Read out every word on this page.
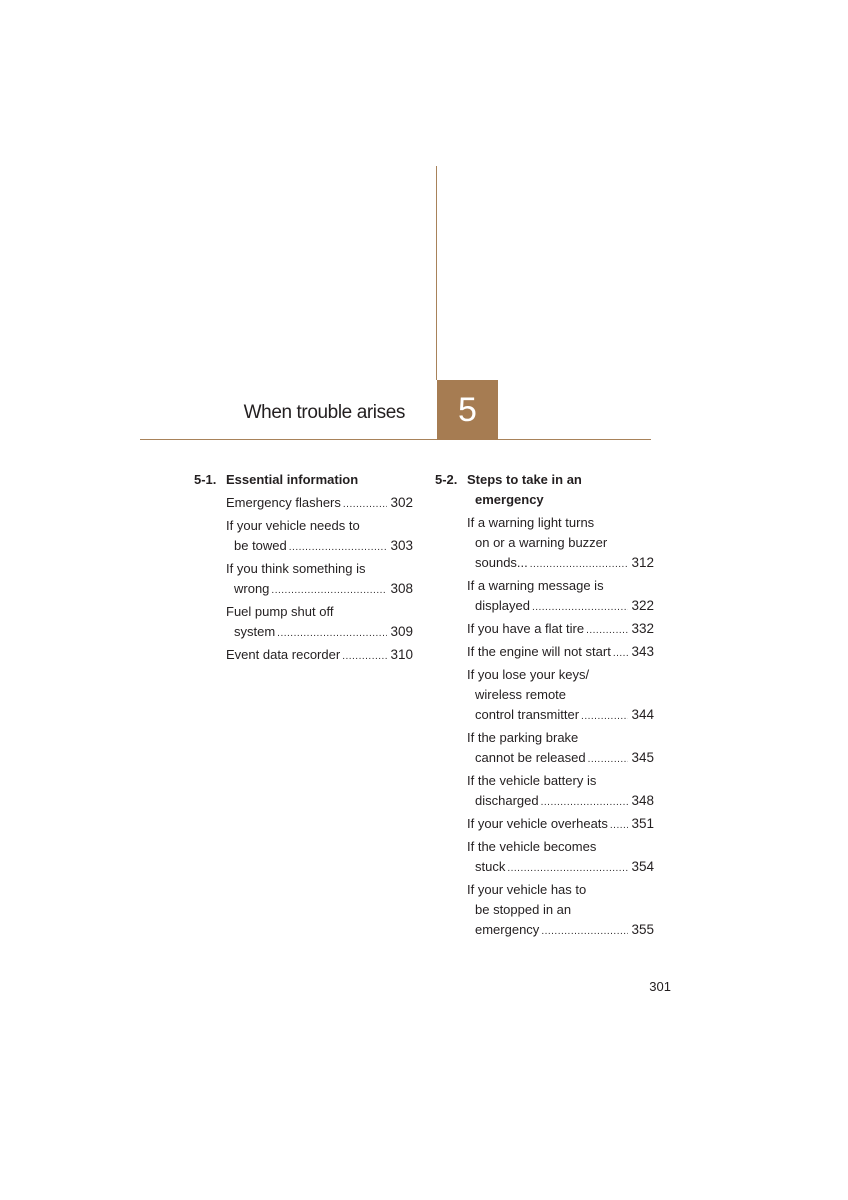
5
When trouble arises
5-1. Essential information
Emergency flashers .....	302
If your vehicle needs to
be towed .....	303
If you think something is
wrong .....	308
Fuel pump shut off
system .....	309
Event data recorder .....	310
5-2. Steps to take in an
emergency
If a warning light turns
on or a warning buzzer
sounds... .....	312
If a warning message is
displayed .....	322
If you have a flat tire .....	332
If the engine will not start ..... 343
If you lose your keys/
wireless remote
control transmitter .....	344
If the parking brake
cannot be released .....	345
If the vehicle battery is
discharged .....	348
If your vehicle overheats ..... 351
If the vehicle becomes
stuck .....	354
If your vehicle has to
be stopped in an
emergency .....	355
301
